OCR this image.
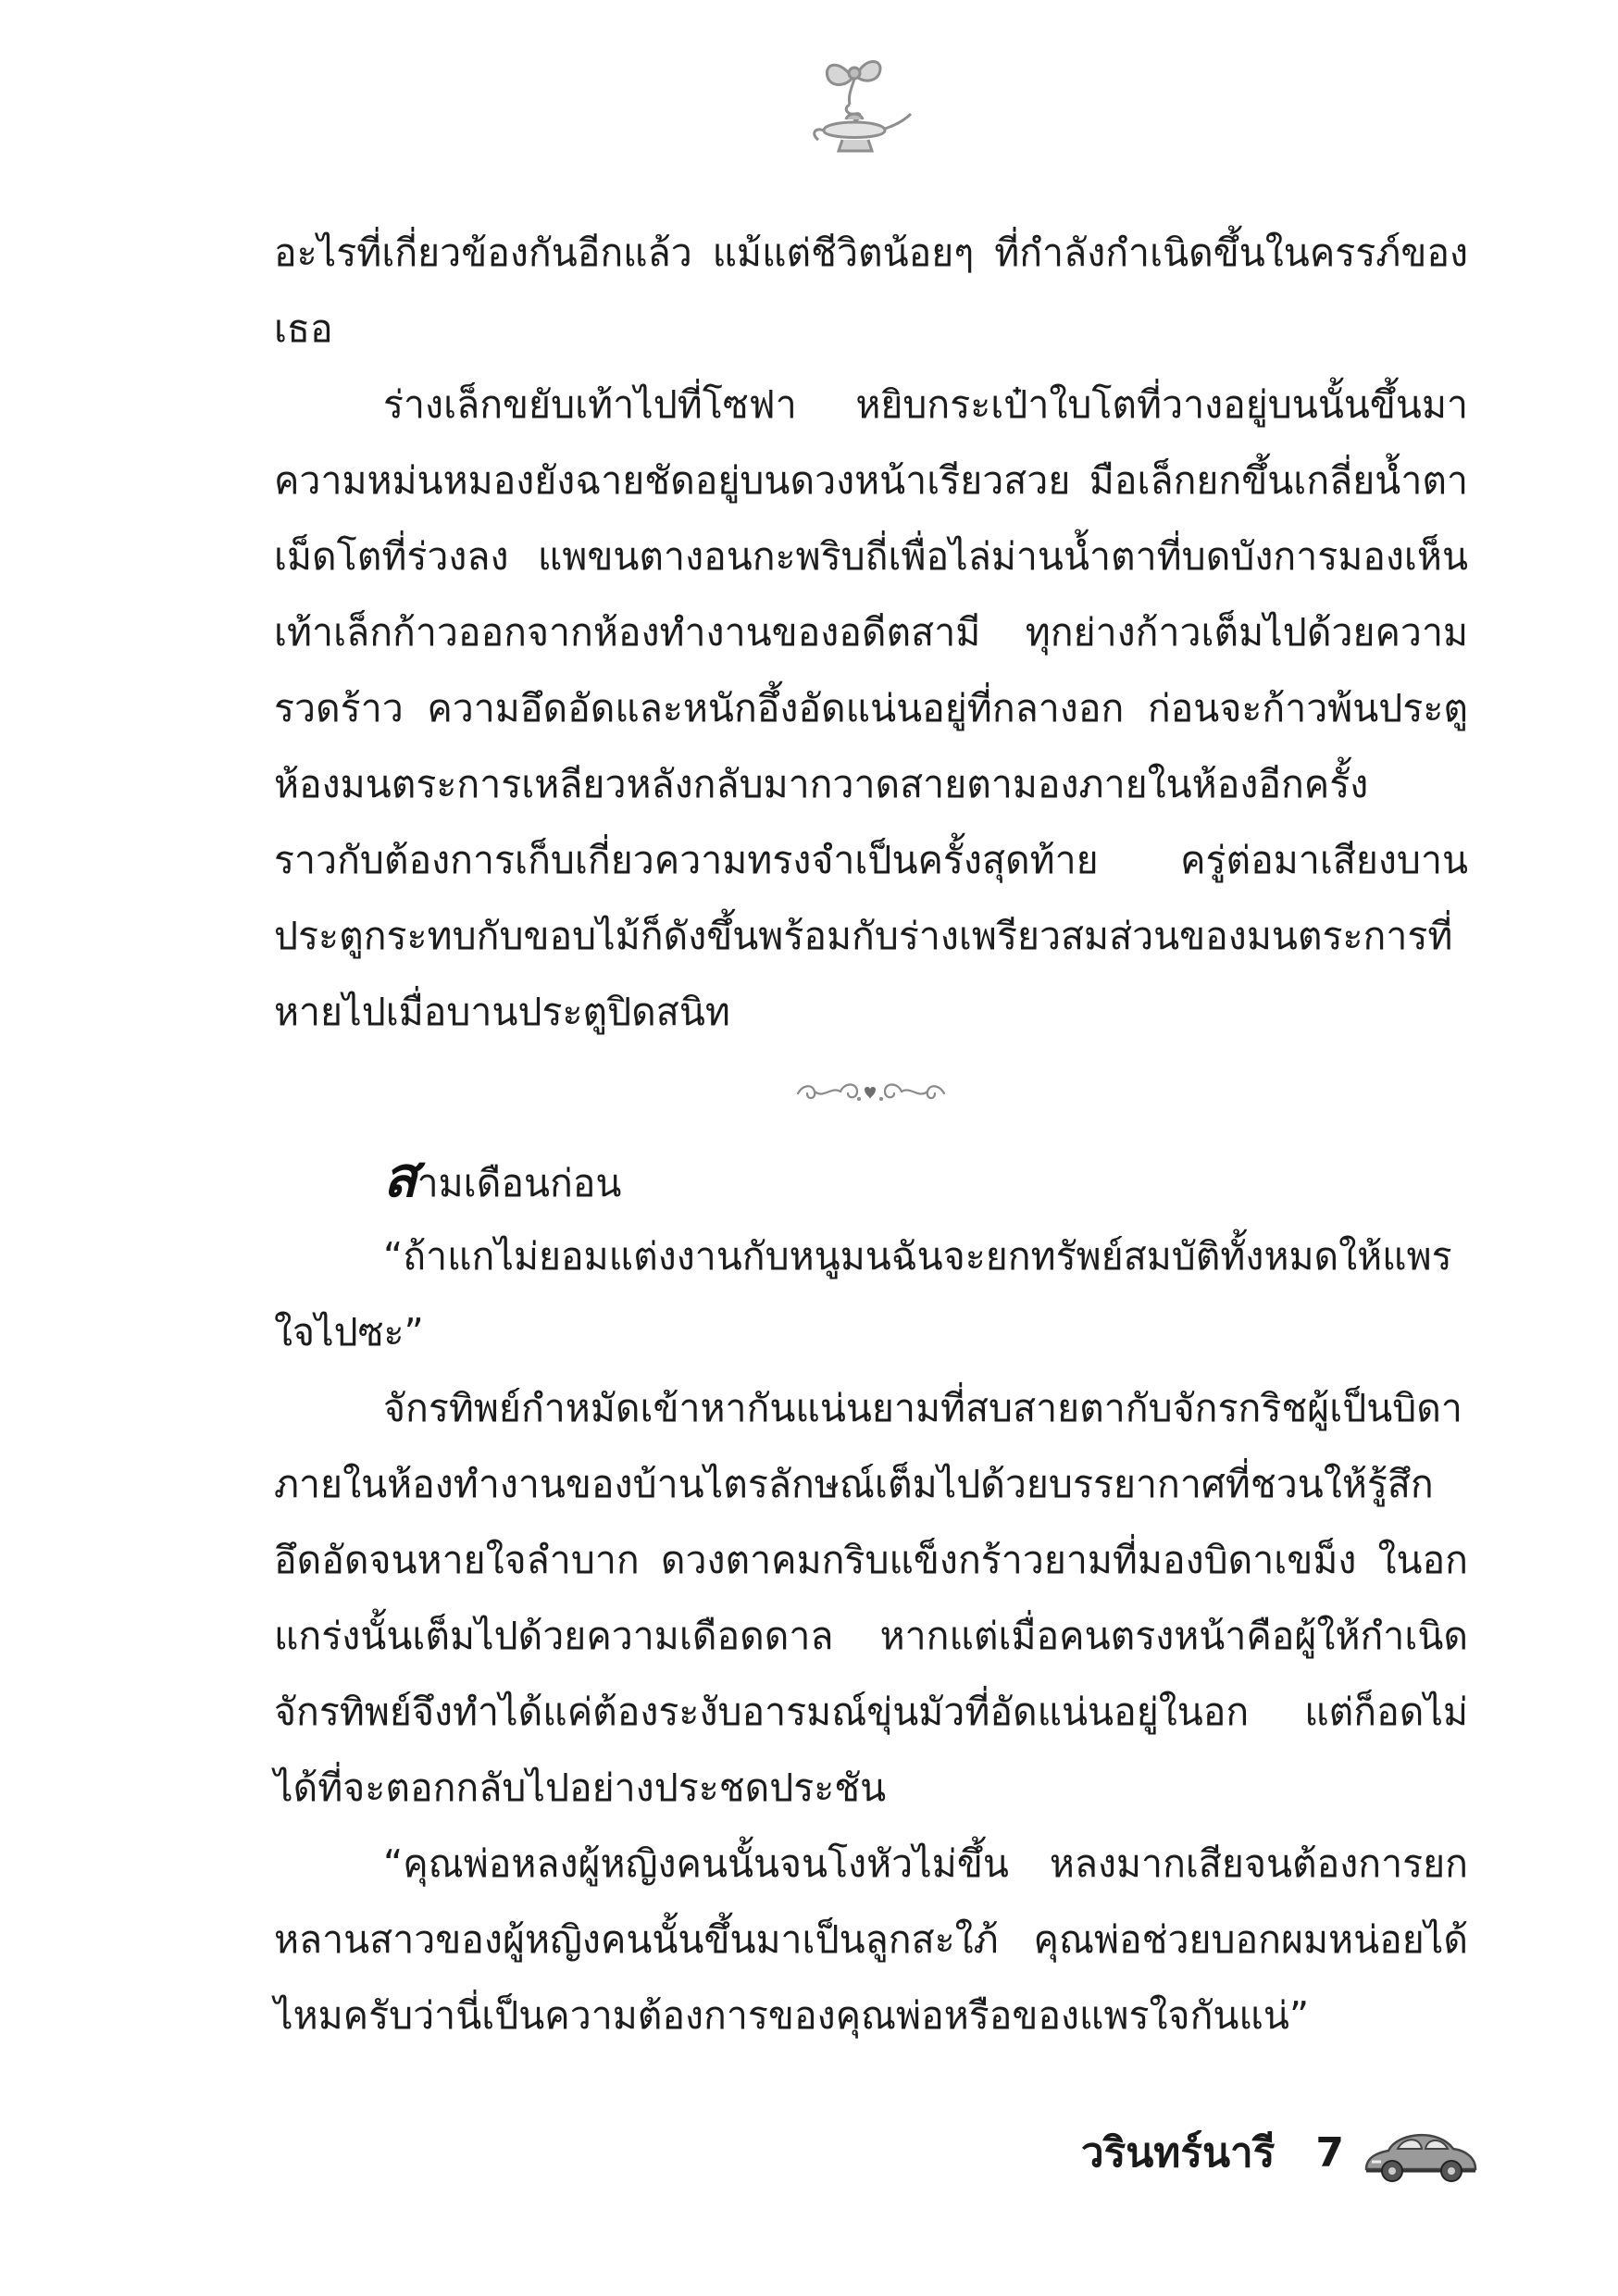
อะไรที่เกี่ยวข้องกันอีกแล้ว แม้แต่ชีวิตน้อยๆ ที่กำลังกำเนิดขึ้นในครรภ์ของเธอ

ร่างเล็กขยับเท้าไปที่โซฟา หยิบกระเป๋าใบโตที่วางอยู่บนนั้นขึ้นมา ความหม่นหมองยังฉายชัดอยู่บนดวงหน้าเรียวสวย มือเล็กยกขึ้นเกลี่ยน้ำตาเม็ดโตที่ร่วงลง แพขนตางอนกะพริบถี่เพื่อไล่ม่านน้ำตาที่บดบังการมองเห็น เท้าเล็กก้าวออกจากห้องทำงานของอดีตสามี ทุกย่างก้าวเต็มไปด้วยความรวดร้าว ความอึดอัดและหนักอึ้งอัดแน่นอยู่ที่กลางอก ก่อนจะก้าวพ้นประตูห้องมนตระการเหลียวหลังกลับมากวาดสายตามองภายในห้องอีกครั้ง ราวกับต้องการเก็บเกี่ยวความทรงจำเป็นครั้งสุดท้าย ครู่ต่อมาเสียงบานประตูกระทบกับขอบไม้ก็ดังขึ้นพร้อมกับร่างเพรียวสมส่วนของมนตระการที่หายไปเมื่อบานประตูปิดสนิท

สามเดือนก่อน

“ถ้าแกไม่ยอมแต่งงานกับหนูมนฉันจะยกทรัพย์สมบัติทั้งหมดให้แพรใจไปซะ”

จักรทิพย์กำหมัดเข้าหากันแน่นยามที่สบสายตากับจักรกริชผู้เป็นบิดา ภายในห้องทำงานของบ้านไตรลักษณ์เต็มไปด้วยบรรยากาศที่ชวนให้รู้สึกอึดอัดจนหายใจลำบาก ดวงตาคมกริบแข็งกร้าวยามที่มองบิดาเขม็ง ในอกแกร่งนั้นเต็มไปด้วยความเดือดดาล หากแต่เมื่อคนตรงหน้าคือผู้ให้กำเนิด จักรทิพย์จึงทำได้แค่ต้องระงับอารมณ์ขุ่นมัวที่อัดแน่นอยู่ในอก แต่ก็อดไม่ได้ที่จะตอกกลับไปอย่างประชดประชัน

“คุณพ่อหลงผู้หญิงคนนั้นจนโงหัวไม่ขึ้น หลงมากเสียจนต้องการยกหลานสาวของผู้หญิงคนนั้นขึ้นมาเป็นลูกสะใภ้ คุณพ่อช่วยบอกผมหน่อยได้ไหมครับว่านี่เป็นความต้องการของคุณพ่อหรือของแพรใจกันแน่”

วรินทร์นารี 7
